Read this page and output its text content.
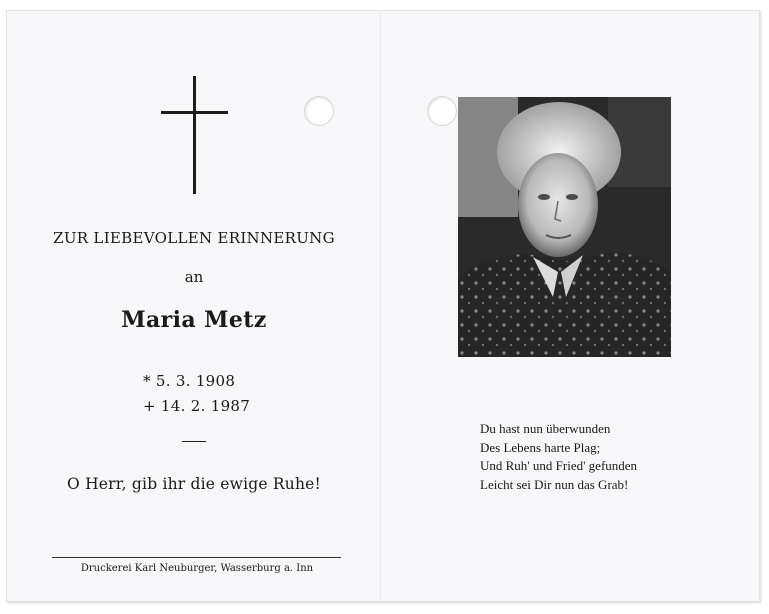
ZUR LIEBEVOLLEN ERINNERUNG
an
Maria Metz
* 5. 3. 1908
+ 14. 2. 1987
O Herr, gib ihr die ewige Ruhe!
Druckerei Karl Neuburger, Wasserburg a. Inn
Du hast nun überwunden
Des Lebens harte Plag;
Und Ruh' und Fried' gefunden
Leicht sei Dir nun das Grab!
